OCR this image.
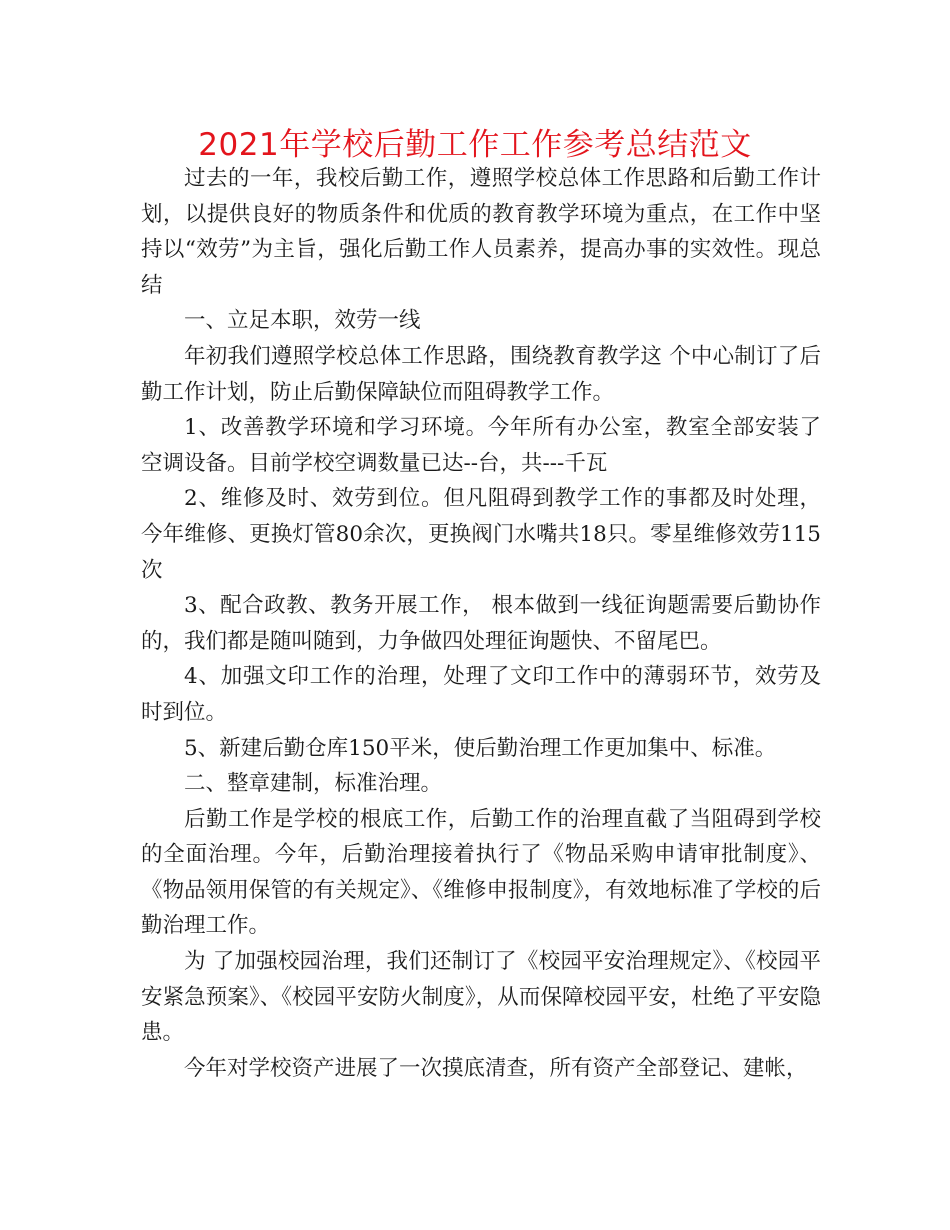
2021年学校后勤工作工作参考总结范文

过去的一年，我校后勤工作，遵照学校总体工作思路和后勤工作计划，以提供良好的物质条件和优质的教育教学环境为重点，在工作中坚持以“效劳”为主旨，强化后勤工作人员素养，提高办事的实效性。现总结

一、立足本职，效劳一线

年初我们遵照学校总体工作思路，围绕教育教学这 个中心制订了后勤工作计划，防止后勤保障缺位而阻碍教学工作。

1、改善教学环境和学习环境。今年所有办公室，教室全部安装了空调设备。目前学校空调数量已达--台，共---千瓦

2、维修及时、效劳到位。但凡阻碍到教学工作的事都及时处理，今年维修、更换灯管80余次，更换阀门水嘴共18只。零星维修效劳115次

3、配合政教、教务开展工作， 根本做到一线征询题需要后勤协作的，我们都是随叫随到，力争做四处理征询题快、不留尾巴。

4、加强文印工作的治理，处理了文印工作中的薄弱环节，效劳及时到位。

5、新建后勤仓库150平米，使后勤治理工作更加集中、标准。

二、整章建制，标准治理。

后勤工作是学校的根底工作，后勤工作的治理直截了当阻碍到学校的全面治理。今年，后勤治理接着执行了《物品采购申请审批制度》、《物品领用保管的有关规定》、《维修申报制度》，有效地标准了学校的后勤治理工作。

为 了加强校园治理，我们还制订了《校园平安治理规定》、《校园平安紧急预案》、《校园平安防火制度》，从而保障校园平安，杜绝了平安隐患。

今年对学校资产进展了一次摸底清查，所有资产全部登记、建帐，
